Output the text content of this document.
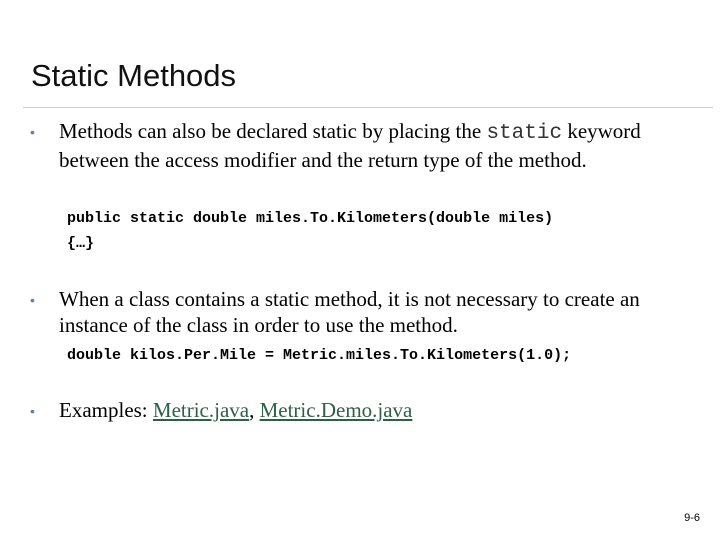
Static Methods
•	Methods can also be declared static by placing the static keyword between the access modifier and the return type of the method.
public static double miles.To.Kilometers(double miles)
{…}
•	When a class contains a static method, it is not necessary to create an instance of the class in order to use the method.
double kilos.Per.Mile = Metric.miles.To.Kilometers(1.0);
•	Examples: Metric.java, Metric.Demo.java
9-6
